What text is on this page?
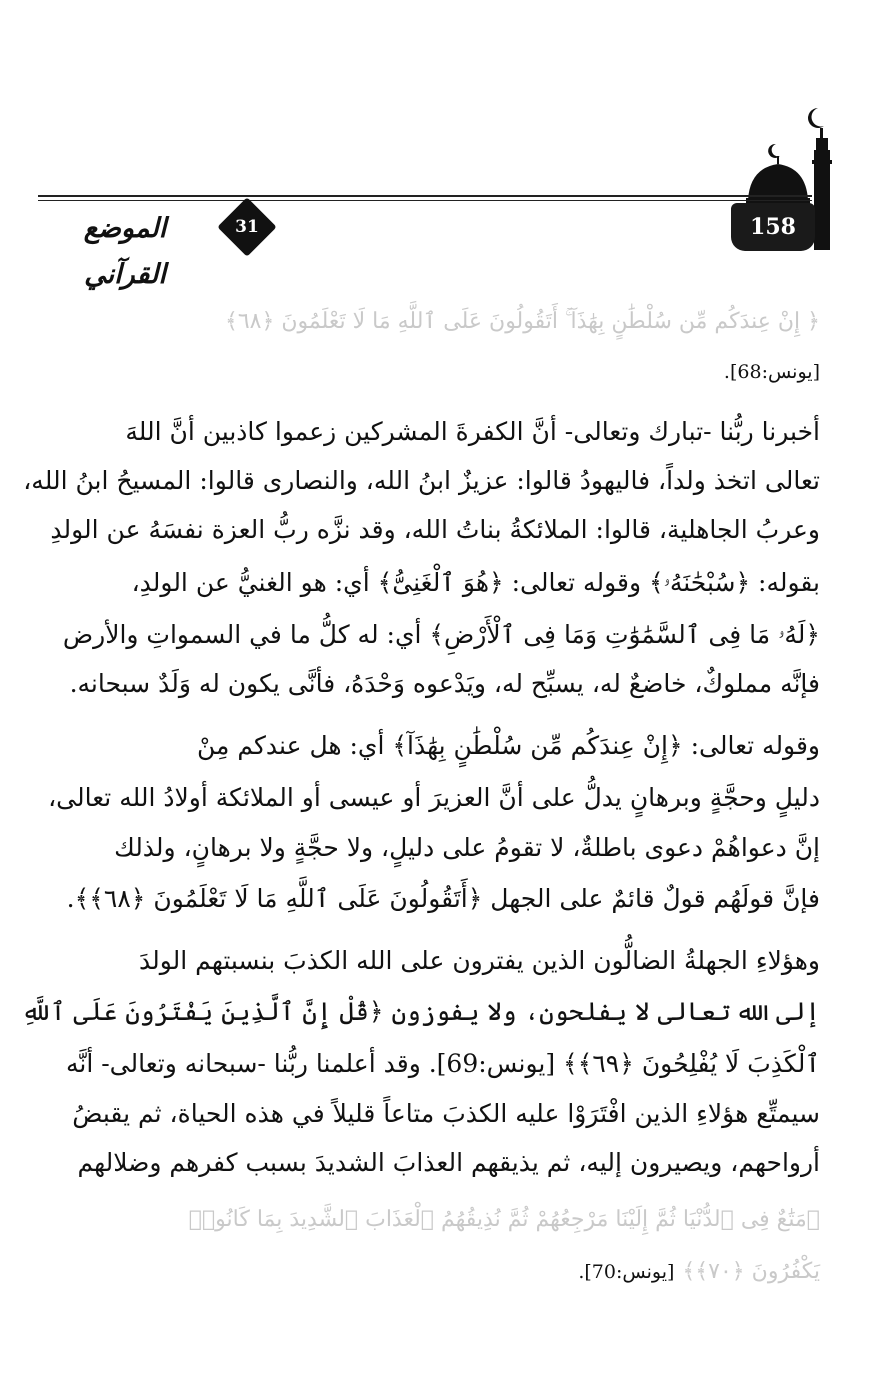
158
31
الموضع القرآني
﴿ إِنْ عِندَكُم مِّن سُلْطَٰنٍ بِهَٰذَآ ۚ أَتَقُولُونَ عَلَى ٱللَّهِ مَا لَا تَعْلَمُونَ ﴿٦٨﴾
[يونس:68].
أخبرنا ربُّنا -تبارك وتعالى- أنَّ الكفرةَ المشركين زعموا كاذبين أنَّ اللهَ
تعالى اتخذ ولداً، فاليهودُ قالوا: عزيزٌ ابنُ الله، والنصارى قالوا: المسيحُ ابنُ الله،
وعربُ الجاهلية، قالوا: الملائكةُ بناتُ الله، وقد نزَّه ربُّ العزة نفسَهُ عن الولدِ
بقوله: ﴿سُبْحَٰنَهُۥ﴾ وقوله تعالى: ﴿هُوَ ٱلْغَنِىُّ﴾ أي: هو الغنيُّ عن الولدِ،
﴿لَهُۥ مَا فِى ٱلسَّمَٰوَٰتِ وَمَا فِى ٱلْأَرْضِ﴾ أي: له كلُّ ما في السمواتِ والأرض
فإنَّه مملوكٌ، خاضعٌ له، يسبِّح له، ويَدْعوه وَحْدَهُ، فأنَّى يكون له وَلَدٌ سبحانه.
وقوله تعالى: ﴿إِنْ عِندَكُم مِّن سُلْطَٰنٍ بِهَٰذَآ﴾ أي: هل عندكم مِنْ
دليلٍ وحجَّةٍ وبرهانٍ يدلُّ على أنَّ العزيرَ أو عيسى أو الملائكة أولادُ الله تعالى،
إنَّ دعواهُمْ دعوى باطلةٌ، لا تقومُ على دليلٍ، ولا حجَّةٍ ولا برهانٍ، ولذلك
فإنَّ قولَهُم قولٌ قائمٌ على الجهل ﴿أَتَقُولُونَ عَلَى ٱللَّهِ مَا لَا تَعْلَمُونَ ﴿٦٨﴾﴾.
وهؤلاءِ الجهلةُ الضالُّون الذين يفترون على الله الكذبَ بنسبتهم الولدَ
إلى الله تعالى لا يفلحون، ولا يفوزون ﴿قُلْ إِنَّ ٱلَّذِينَ يَفْتَرُونَ عَلَى ٱللَّهِ
ٱلْكَذِبَ لَا يُفْلِحُونَ ﴿٦٩﴾﴾ [يونس:69]. وقد أعلمنا ربُّنا -سبحانه وتعالى- أنَّه
سيمتِّع هؤلاءِ الذين افْتَرَوْا عليه الكذبَ متاعاً قليلاً في هذه الحياة، ثم يقبضُ
أرواحهم، ويصيرون إليه، ثم يذيقهم العذابَ الشديدَ بسبب كفرهم وضلالهم
﴿مَتَٰعٌ فِى ٱلدُّنْيَا ثُمَّ إِلَيْنَا مَرْجِعُهُمْ ثُمَّ نُذِيقُهُمُ ٱلْعَذَابَ ٱلشَّدِيدَ بِمَا كَانُوا۟
يَكْفُرُونَ ﴿٧٠﴾﴾ [يونس:70].
